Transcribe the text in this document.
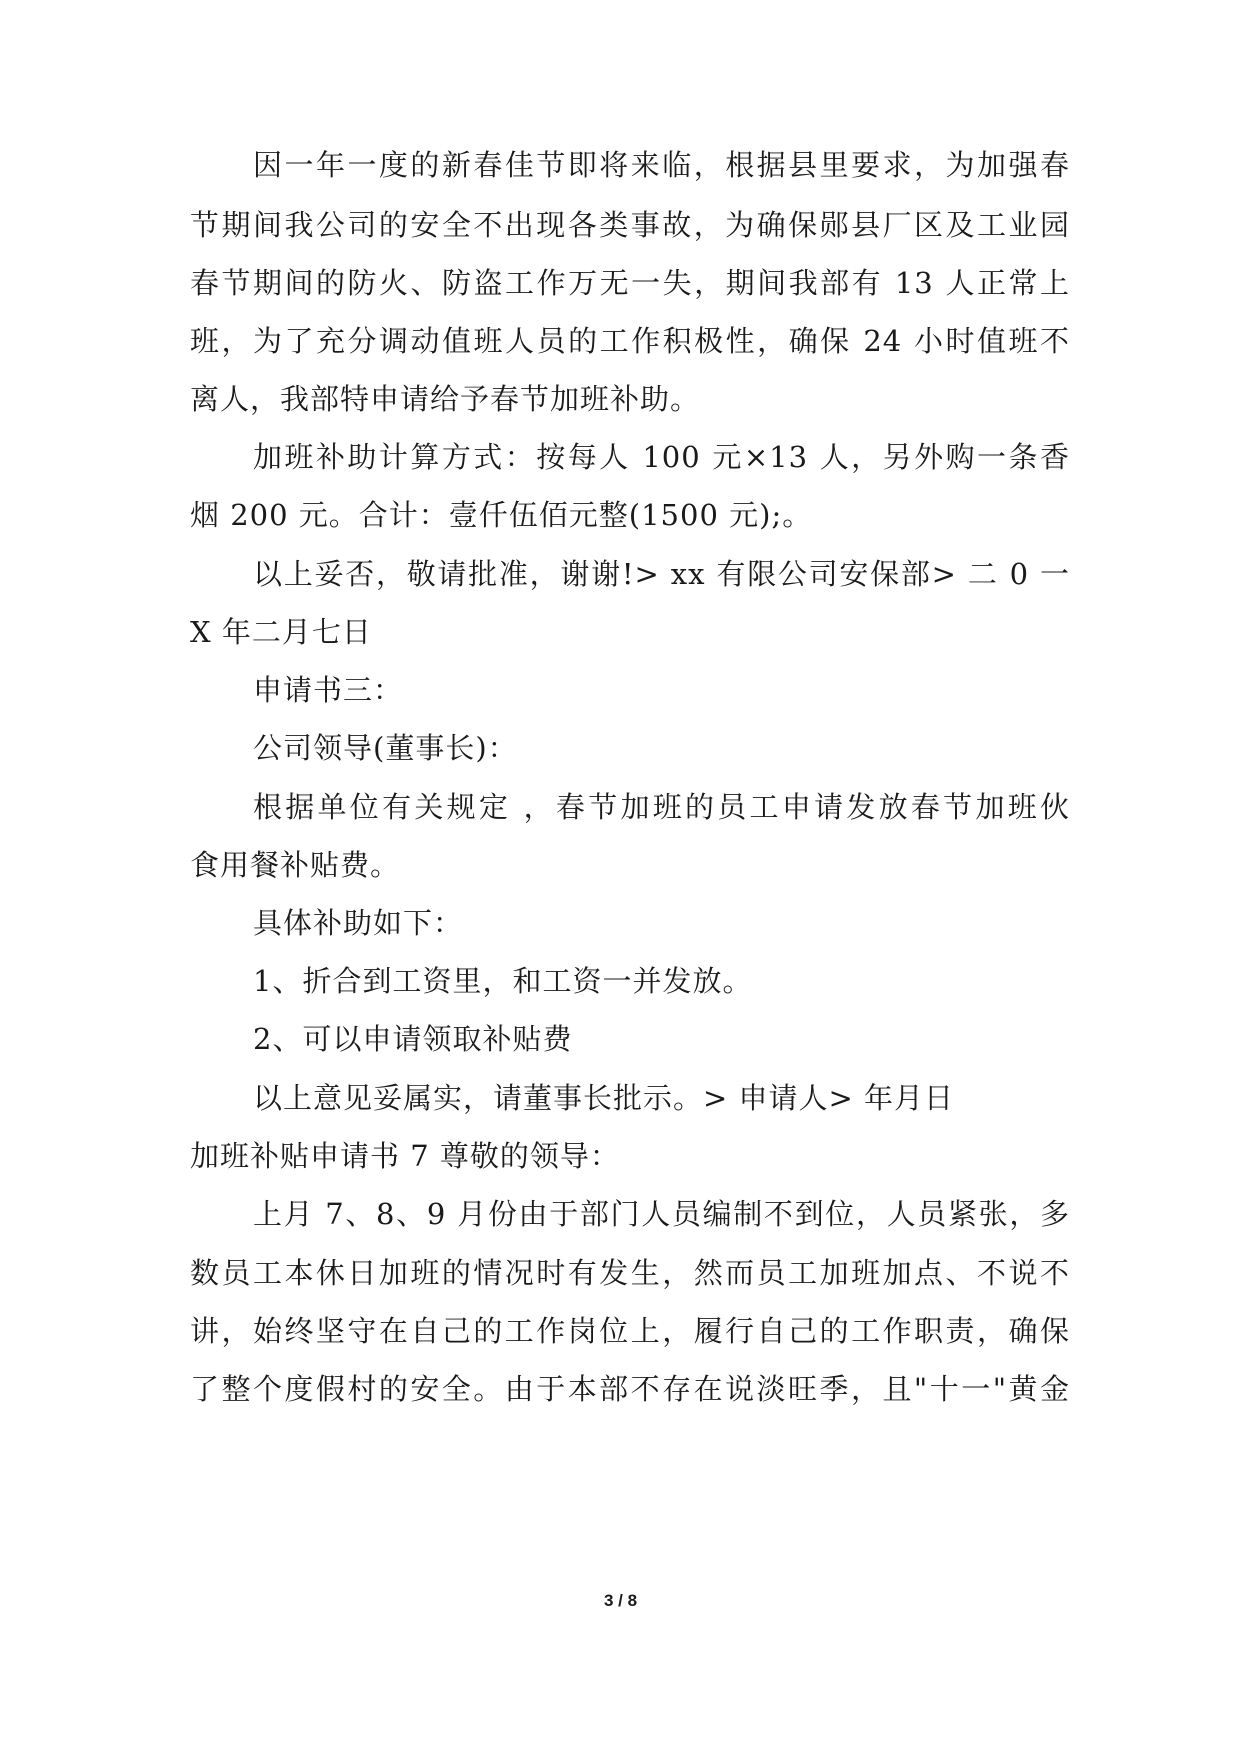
因一年一度的新春佳节即将来临，根据县里要求，为加强春
节期间我公司的安全不出现各类事故，为确保郧县厂区及工业园
春节期间的防火、防盗工作万无一失，期间我部有 13 人正常上
班，为了充分调动值班人员的工作积极性，确保 24 小时值班不
离人，我部特申请给予春节加班补助。
加班补助计算方式：按每人 100 元×13 人，另外购一条香
烟 200 元。合计：壹仟伍佰元整(1500 元);。
以上妥否，敬请批准，谢谢!> xx 有限公司安保部> 二 0 一
X 年二月七日
申请书三：
公司领导(董事长)：
根据单位有关规定 ，春节加班的员工申请发放春节加班伙
食用餐补贴费。
具体补助如下：
1、折合到工资里，和工资一并发放。
2、可以申请领取补贴费
以上意见妥属实，请董事长批示。> 申请人> 年月日
加班补贴申请书 7 尊敬的领导：
上月 7、8、9 月份由于部门人员编制不到位，人员紧张，多
数员工本休日加班的情况时有发生，然而员工加班加点、不说不
讲，始终坚守在自己的工作岗位上，履行自己的工作职责，确保
了整个度假村的安全。由于本部不存在说淡旺季，且"十一"黄金
3 / 8
